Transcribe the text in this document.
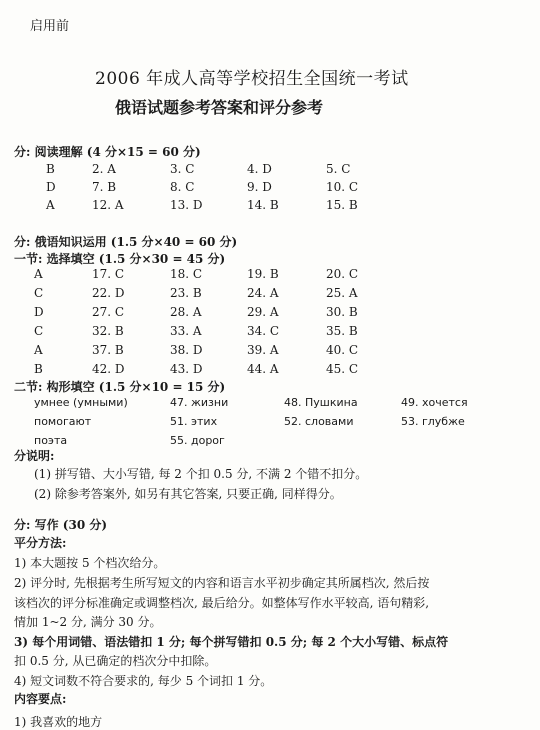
启用前
2006 年成人高等学校招生全国统一考试
俄语试题参考答案和评分参考
分: 阅读理解 (4 分×15 = 60 分)
B	2. A	3. C	4. D	5. C
D	7. B	8. C	9. D	10. C
A	12. A	13. D	14. B	15. B
分: 俄语知识运用 (1.5 分×40 = 60 分)
一节: 选择填空 (1.5 分×30 = 45 分)
A	17. C	18. C	19. B	20. C
C	22. D	23. B	24. A	25. A
D	27. C	28. A	29. A	30. B
C	32. B	33. A	34. C	35. B
A	37. B	38. D	39. A	40. C
B	42. D	43. D	44. A	45. C
二节: 构形填空 (1.5 分×10 = 15 分)
умнее (умными)	47. жизни	48. Пушкина	49. хочется
помогают	51. этих	52. словами	53. глубже
поэта	55. дорог
分说明:
(1) 拼写错、大小写错, 每 2 个扣 0.5 分, 不满 2 个错不扣分。
(2) 除参考答案外, 如另有其它答案, 只要正确, 同样得分。
分: 写作 (30 分)
平分方法:
1) 本大题按 5 个档次给分。
2) 评分时, 先根据考生所写短文的内容和语言水平初步确定其所属档次, 然后按
该档次的评分标准确定或调整档次, 最后给分。如整体写作水平较高, 语句精彩,
情加 1~2 分, 满分 30 分。
3) 每个用词错、语法错扣 1 分; 每个拼写错扣 0.5 分; 每 2 个大小写错、标点符
扣 0.5 分, 从已确定的档次分中扣除。
4) 短文词数不符合要求的, 每少 5 个词扣 1 分。
内容要点:
1) 我喜欢的地方
